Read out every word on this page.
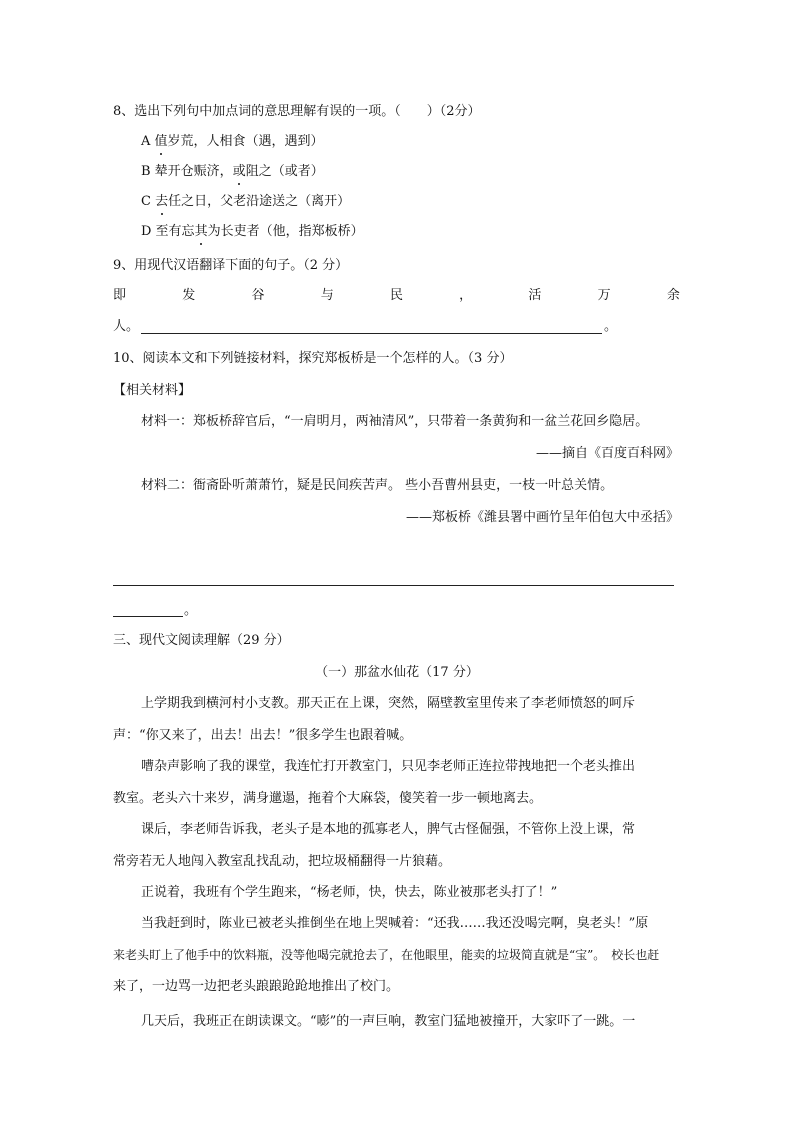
8、选出下列句中加点词的意思理解有误的一项。（　　）（2分）
A 值岁荒，人相食（遇，遇到）
B 辇开仓赈济，或阻之（或者）
C 去任之日，父老沿途送之（离开）
D 至有忘其为长吏者（他，指郑板桥）
9、用现代汉语翻译下面的句子。（2 分）
即	发	谷	与	民	，	活	万	余
人。	。
10、阅读本文和下列链接材料，探究郑板桥是一个怎样的人。（3 分）
【相关材料】
材料一：郑板桥辞官后，“一肩明月，两袖清风”，只带着一条黄狗和一盆兰花回乡隐居。
——摘自《百度百科网》
材料二：衙斋卧听萧萧竹，疑是民间疾苦声。 些小吾曹州县吏，一枝一叶总关情。
——郑板桥《潍县署中画竹呈年伯包大中丞括》
。
三、现代文阅读理解（29 分）
（一）那盆水仙花（17 分）
上学期我到横河村小支教。那天正在上课，突然，隔壁教室里传来了李老师愤怒的呵斥
声：“你又来了，出去！出去！”很多学生也跟着喊。
嘈杂声影响了我的课堂，我连忙打开教室门，只见李老师正连拉带拽地把一个老头推出
教室。老头六十来岁，满身邋遢，拖着个大麻袋，傻笑着一步一顿地离去。
课后，李老师告诉我，老头子是本地的孤寡老人，脾气古怪倔强，不管你上没上课，常
常旁若无人地闯入教室乱找乱动，把垃圾桶翻得一片狼藉。
正说着，我班有个学生跑来，“杨老师，快，快去，陈业被那老头打了！”
当我赶到时，陈业已被老头推倒坐在地上哭喊着：“还我……我还没喝完啊，臭老头！”原
来老头盯上了他手中的饮料瓶，没等他喝完就抢去了，在他眼里，能卖的垃圾简直就是“宝”。　校长也赶
来了，一边骂一边把老头踉踉跄跄地推出了校门。
几天后，我班正在朗读课文。“嘭”的一声巨响，教室门猛地被撞开，大家吓了一跳。一
